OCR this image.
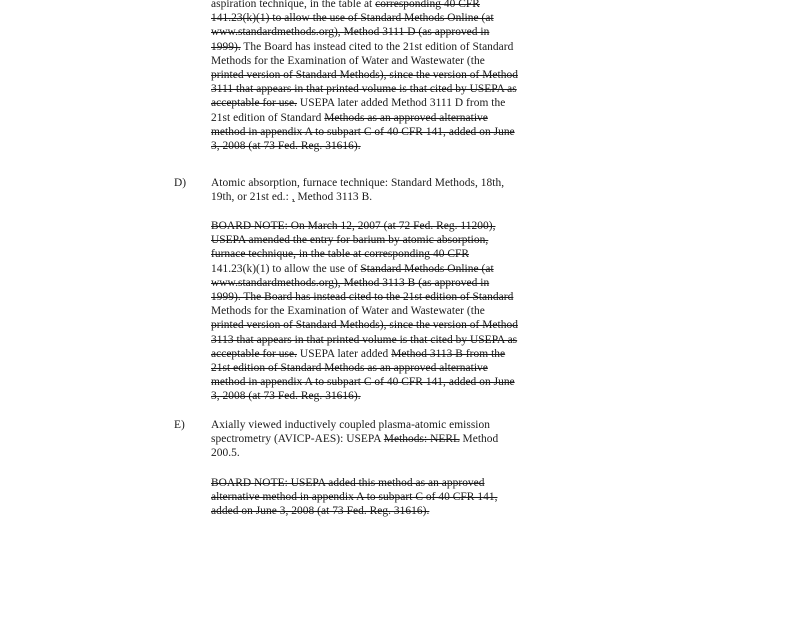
aspiration technique, in the table at corresponding 40 CFR
141.23(k)(1) to allow the use of Standard Methods Online (at
www.standardmethods.org), Method 3111 D (as approved in
1999). The Board has instead cited to the 21st edition of Standard
Methods for the Examination of Water and Wastewater (the
printed version of Standard Methods), since the version of Method
3111 that appears in that printed volume is that cited by USEPA as
acceptable for use. USEPA later added Method 3111 D from the
21st edition of Standard Methods as an approved alternative
method in appendix A to subpart C of 40 CFR 141, added on June
3, 2008 (at 73 Fed. Reg. 31616).
D) Atomic absorption, furnace technique: Standard Methods, 18th,
19th, or 21st ed.: , Method 3113 B.
BOARD NOTE: On March 12, 2007 (at 72 Fed. Reg. 11200),
USEPA amended the entry for barium by atomic absorption,
furnace technique, in the table at corresponding 40 CFR
141.23(k)(1) to allow the use of Standard Methods Online (at
www.standardmethods.org), Method 3113 B (as approved in
1999). The Board has instead cited to the 21st edition of Standard
Methods for the Examination of Water and Wastewater (the
printed version of Standard Methods), since the version of Method
3113 that appears in that printed volume is that cited by USEPA as
acceptable for use. USEPA later added Method 3113 B from the
21st edition of Standard Methods as an approved alternative
method in appendix A to subpart C of 40 CFR 141, added on June
3, 2008 (at 73 Fed. Reg. 31616).
E) Axially viewed inductively coupled plasma-atomic emission
spectrometry (AVICP-AES): USEPA Methods: NERL Method
200.5.
BOARD NOTE: USEPA added this method as an approved
alternative method in appendix A to subpart C of 40 CFR 141,
added on June 3, 2008 (at 73 Fed. Reg. 31616).
